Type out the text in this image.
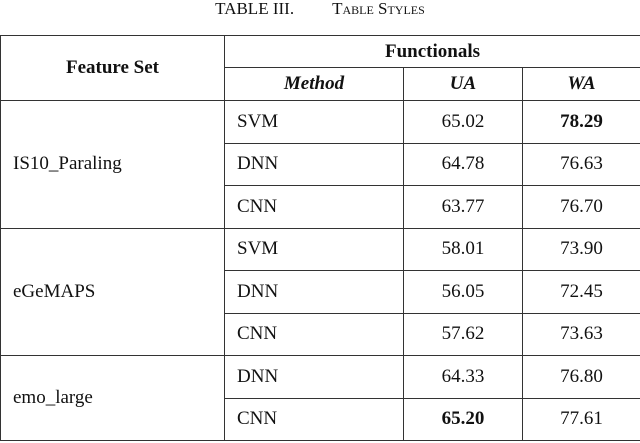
TABLE III. Table Styles
Feature Set	Functionals		
	Method	UA	WA
IS10_Paraling	SVM	65.02	78.29
	DNN	64.78	76.63
	CNN	63.77	76.70
eGeMAPS	SVM	58.01	73.90
	DNN	56.05	72.45
	CNN	57.62	73.63
emo_large	DNN	64.33	76.80
	CNN	65.20	77.61
